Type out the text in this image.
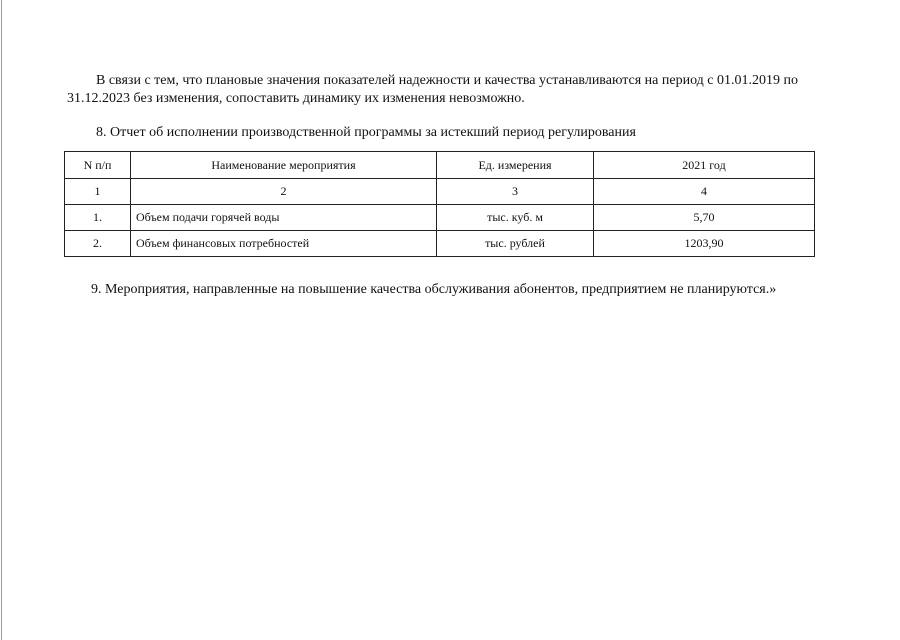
В связи с тем, что плановые значения показателей надежности и качества устанавливаются на период с 01.01.2019 по

31.12.2023 без изменения, сопоставить динамику их изменения невозможно.

8. Отчет об исполнении производственной программы за истекший период регулирования

N п/п	Наименование мероприятия	Ед. измерения	2021 год
1	2	3	4
1.	Объем подачи горячей воды	тыс. куб. м	5,70
2.	Объем финансовых потребностей	тыс. рублей	1203,90

9. Мероприятия, направленные на повышение качества обслуживания абонентов, предприятием не планируются.»
